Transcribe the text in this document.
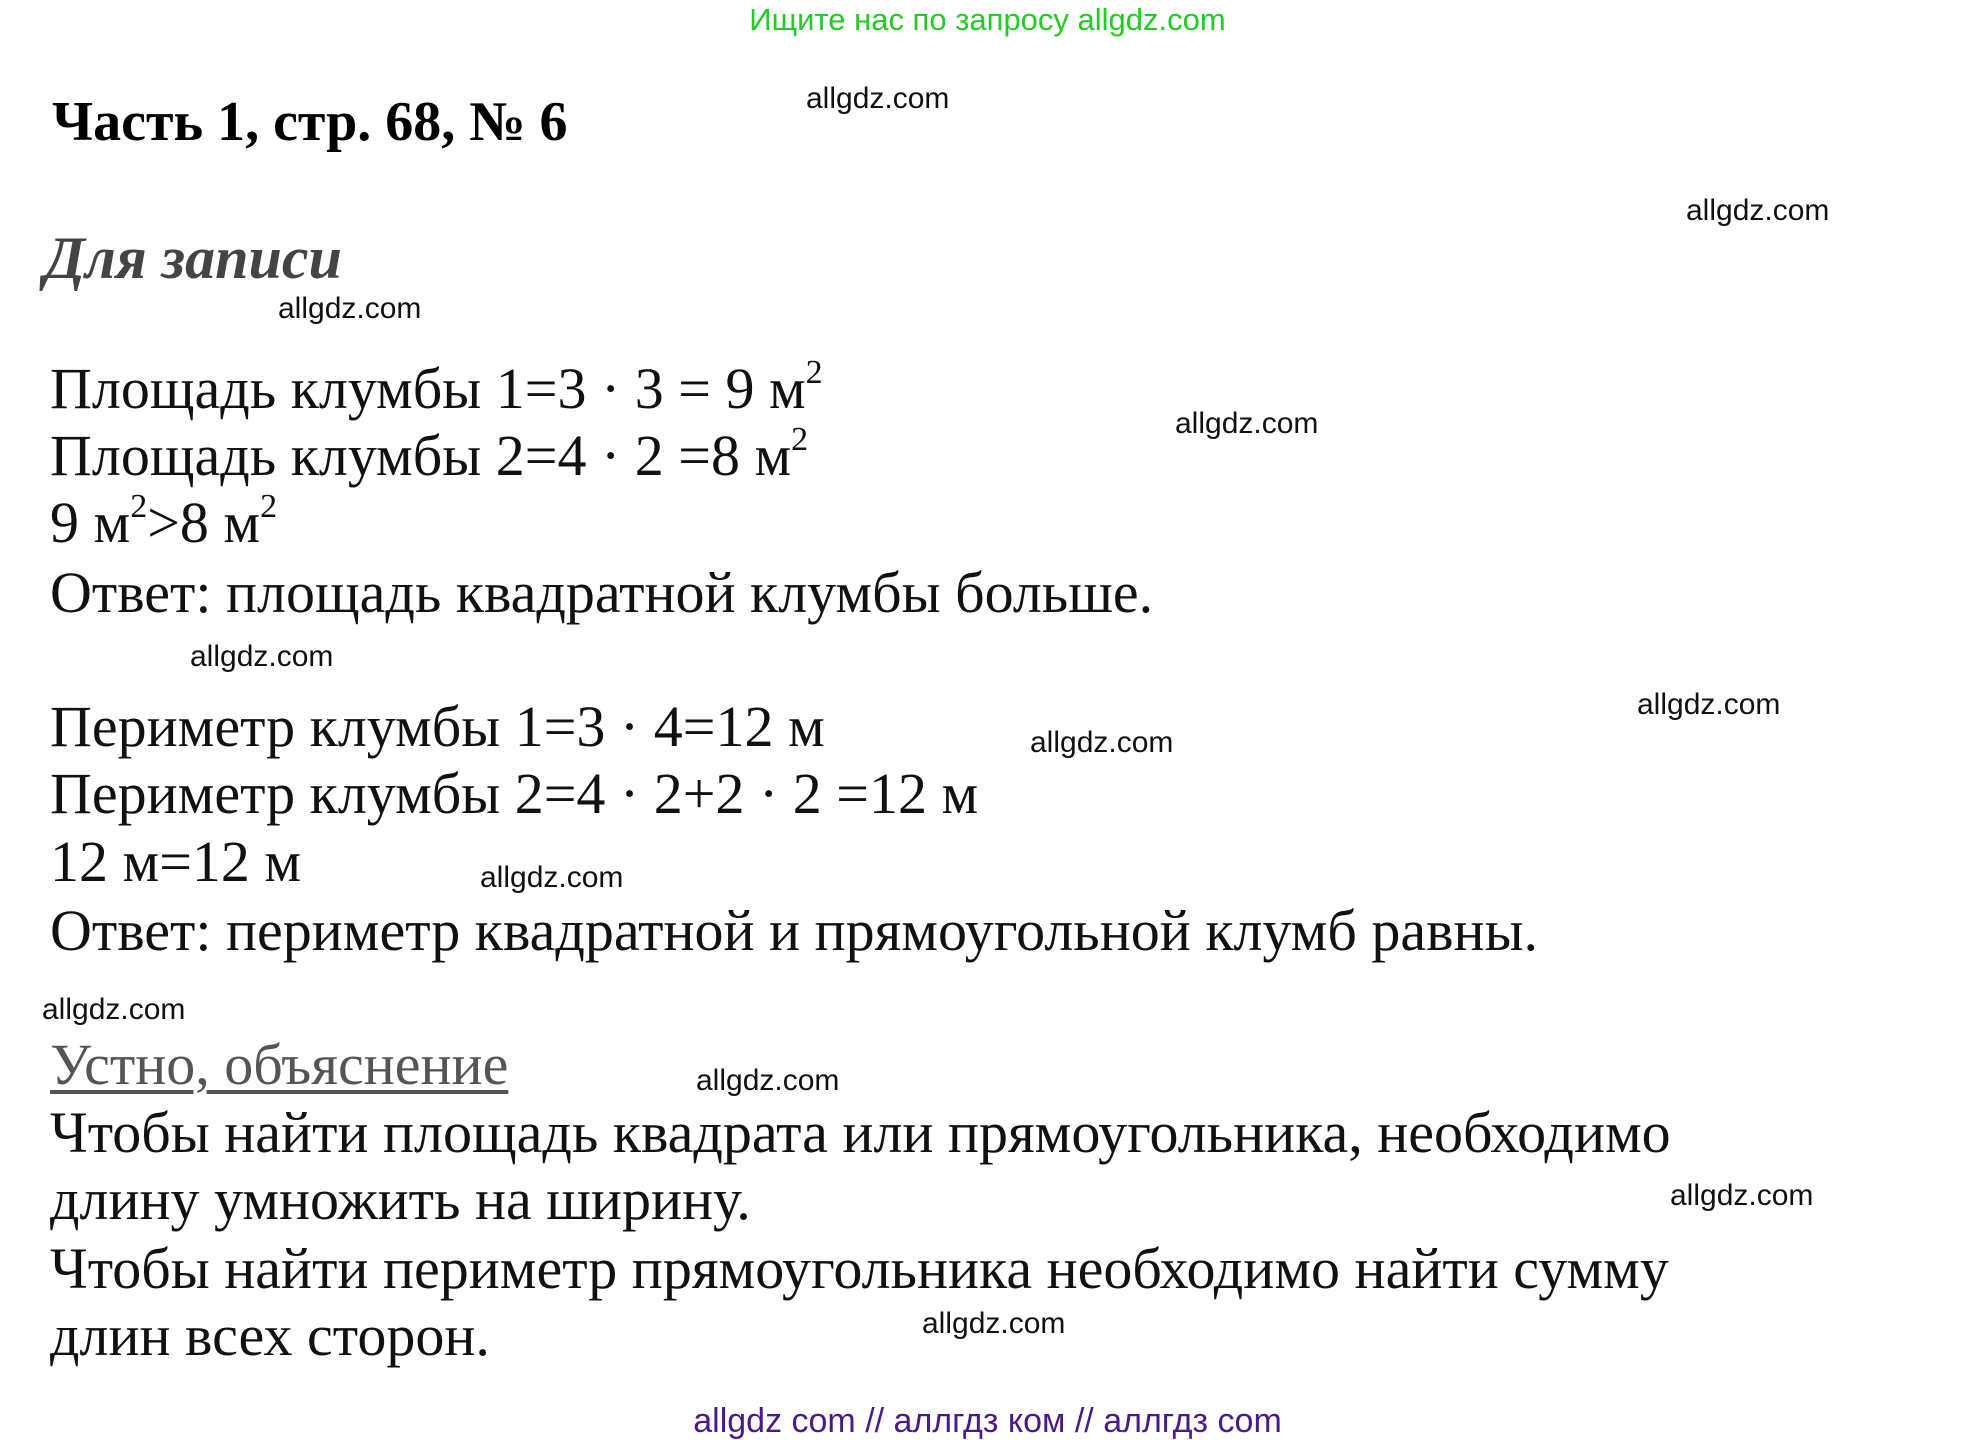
Ищите нас по запросу allgdz.com
Часть 1, стр. 68, № 6
Для записи
Площадь клумбы 1=3 · 3 = 9 $м^2$
Площадь клумбы 2=4 · 2 =8 $м^2$
9 $м^2>8$ $м^2$
Ответ: площадь квадратной клумбы больше.
Периметр клумбы 1=3 · 4=12 м
Периметр клумбы 2=4 · 2+2 · 2 =12 м
12 м=12 м
Ответ: периметр квадратной и прямоугольной клумб равны.
Устно, объяснение
Чтобы найти площадь квадрата или прямоугольника, необходимо
длину умножить на ширину.
Чтобы найти периметр прямоугольника необходимо найти сумму
длин всех сторон.
allgdz.com
allgdz.com
allgdz.com
allgdz.com
allgdz.com
allgdz.com
allgdz.com
allgdz.com
allgdz.com
allgdz.com
allgdz.com
allgdz.com
allgdz com // аллгдз ком // аллгдз com
